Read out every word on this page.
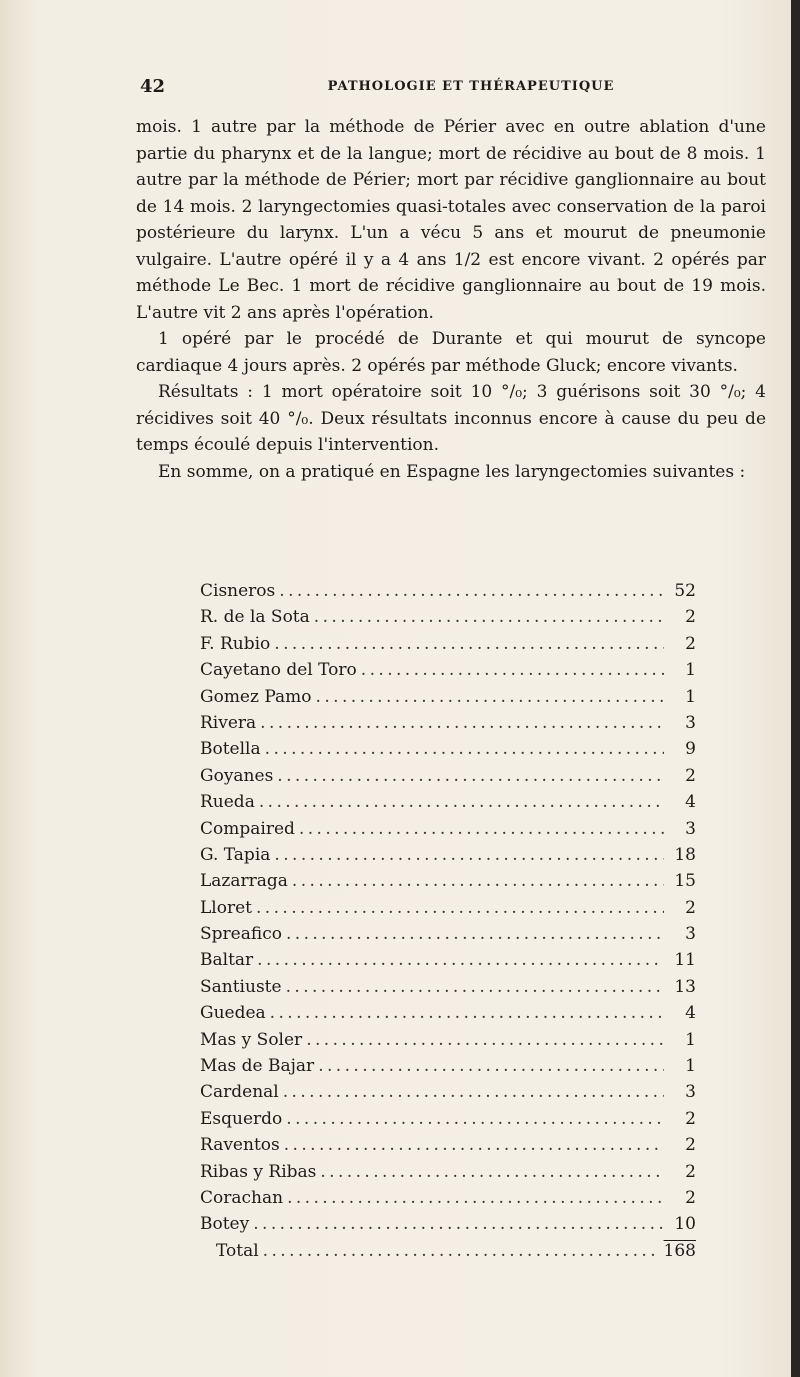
42	PATHOLOGIE ET THÉRAPEUTIQUE

mois. 1 autre par la méthode de Périer avec en outre ablation d'une partie du pharynx et de la langue; mort de récidive au bout de 8 mois. 1 autre par la méthode de Périer; mort par récidive ganglionnaire au bout de 14 mois. 2 laryngectomies quasi-totales avec conservation de la paroi postérieure du larynx. L'un a vécu 5 ans et mourut de pneumonie vulgaire. L'autre opéré il y a 4 ans 1/2 est encore vivant. 2 opérés par méthode Le Bec. 1 mort de récidive ganglionnaire au bout de 19 mois. L'autre vit 2 ans après l'opération.

1 opéré par le procédé de Durante et qui mourut de syncope cardiaque 4 jours après. 2 opérés par méthode Gluck; encore vivants.

Résultats : 1 mort opératoire soit 10 °/₀; 3 guérisons soit 30 °/₀; 4 récidives soit 40 °/₀. Deux résultats inconnus encore à cause du peu de temps écoulé depuis l'intervention.

En somme, on a pratiqué en Espagne les laryngectomies suivantes :

Cisneros . . .	52
R. de la Sota . . .	2
F. Rubio . . .	2
Cayetano del Toro . . .	1
Gomez Pamo . . .	1
Rivera . . .	3
Botella . . .	9
Goyanes . . .	2
Rueda . . .	4
Compaired . . .	3
G. Tapia . . .	18
Lazarraga . . .	15
Lloret . . .	2
Spreafico . . .	3
Baltar . . .	11
Santiuste . . .	13
Guedea . . .	4
Mas y Soler . . .	1
Mas de Bajar . . .	1
Cardenal . . .	3
Esquerdo . . .	2
Raventos . . .	2
Ribas y Ribas . . .	2
Corachan . . .	2
Botey . . .	10
Total . . .	168
